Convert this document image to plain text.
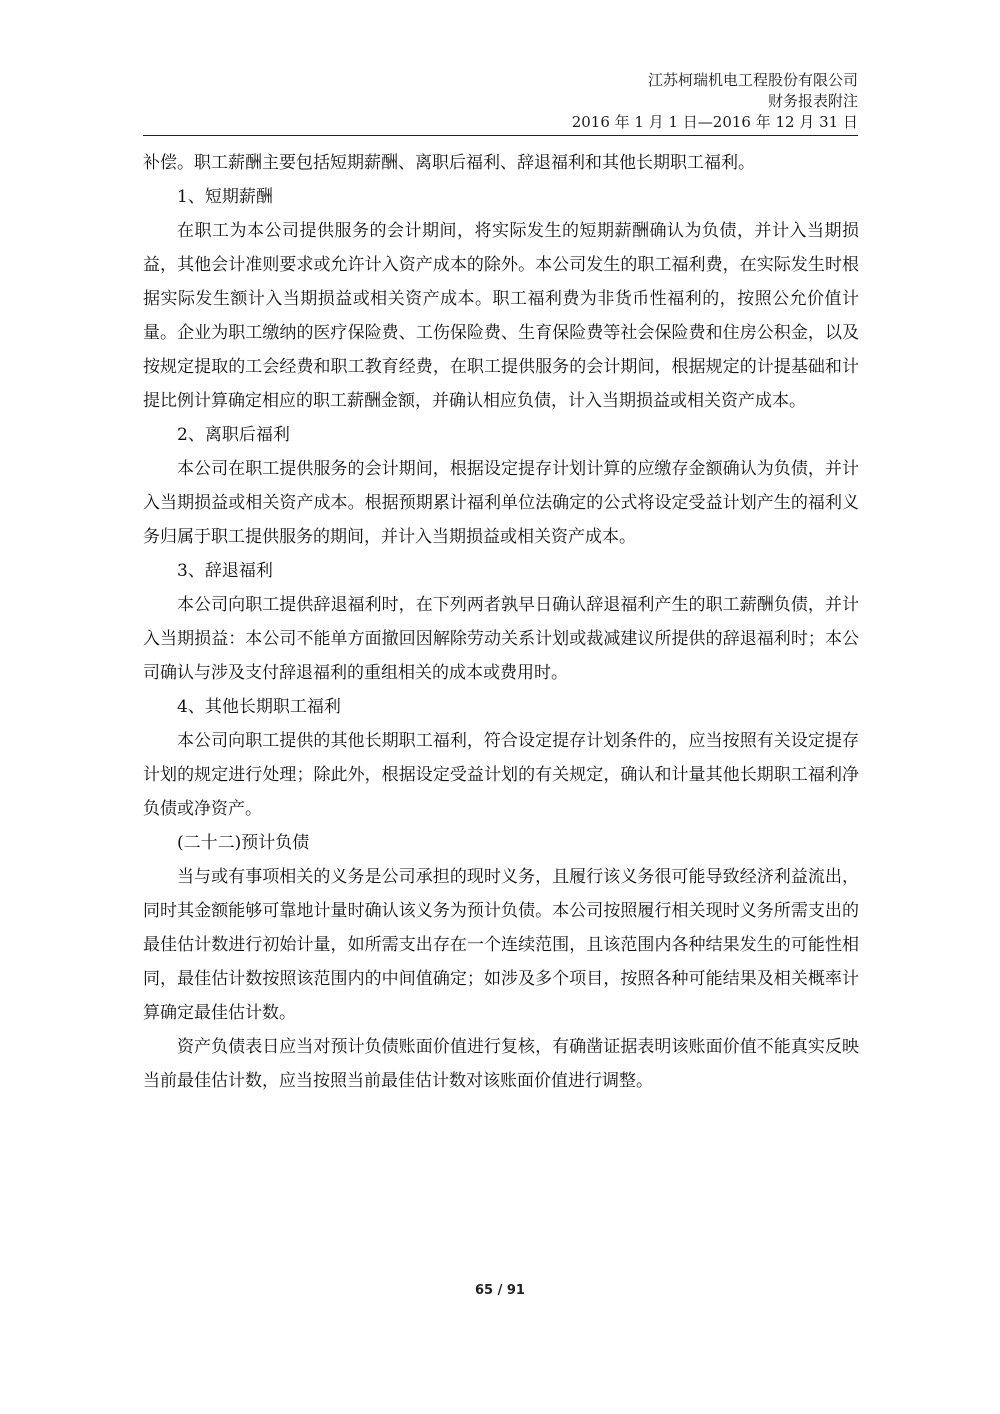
江苏柯瑞机电工程股份有限公司
财务报表附注
2016 年 1 月 1 日—2016 年 12 月 31 日

补偿。职工薪酬主要包括短期薪酬、离职后福利、辞退福利和其他长期职工福利。

1、短期薪酬

在职工为本公司提供服务的会计期间，将实际发生的短期薪酬确认为负债，并计入当期损益，其他会计准则要求或允许计入资产成本的除外。本公司发生的职工福利费，在实际发生时根据实际发生额计入当期损益或相关资产成本。职工福利费为非货币性福利的，按照公允价值计量。企业为职工缴纳的医疗保险费、工伤保险费、生育保险费等社会保险费和住房公积金，以及按规定提取的工会经费和职工教育经费，在职工提供服务的会计期间，根据规定的计提基础和计提比例计算确定相应的职工薪酬金额，并确认相应负债，计入当期损益或相关资产成本。

2、离职后福利

本公司在职工提供服务的会计期间，根据设定提存计划计算的应缴存金额确认为负债，并计入当期损益或相关资产成本。根据预期累计福利单位法确定的公式将设定受益计划产生的福利义务归属于职工提供服务的期间，并计入当期损益或相关资产成本。

3、辞退福利

本公司向职工提供辞退福利时，在下列两者孰早日确认辞退福利产生的职工薪酬负债，并计入当期损益：本公司不能单方面撤回因解除劳动关系计划或裁减建议所提供的辞退福利时；本公司确认与涉及支付辞退福利的重组相关的成本或费用时。

4、其他长期职工福利

本公司向职工提供的其他长期职工福利，符合设定提存计划条件的，应当按照有关设定提存计划的规定进行处理；除此外，根据设定受益计划的有关规定，确认和计量其他长期职工福利净负债或净资产。

(二十二)预计负债

当与或有事项相关的义务是公司承担的现时义务，且履行该义务很可能导致经济利益流出，同时其金额能够可靠地计量时确认该义务为预计负债。本公司按照履行相关现时义务所需支出的最佳估计数进行初始计量，如所需支出存在一个连续范围，且该范围内各种结果发生的可能性相同，最佳估计数按照该范围内的中间值确定；如涉及多个项目，按照各种可能结果及相关概率计算确定最佳估计数。

资产负债表日应当对预计负债账面价值进行复核，有确凿证据表明该账面价值不能真实反映当前最佳估计数，应当按照当前最佳估计数对该账面价值进行调整。

65 / 91
